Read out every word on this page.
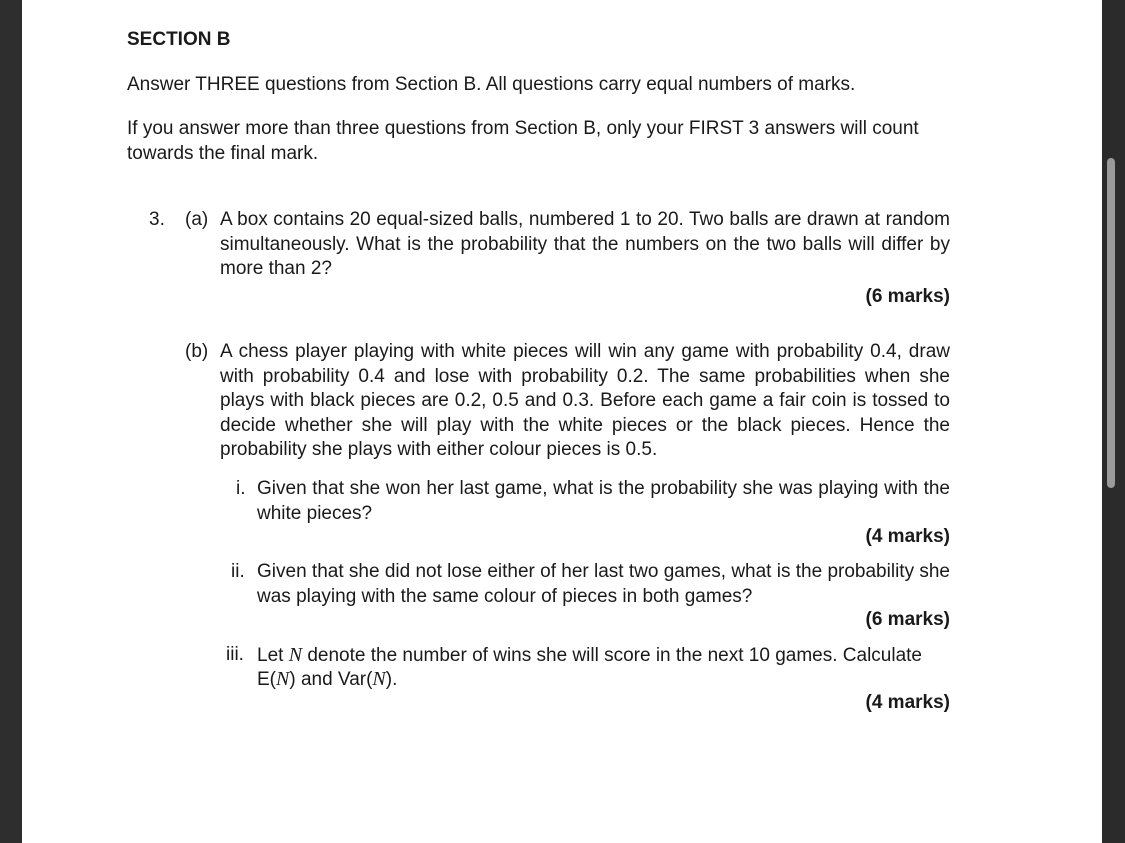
SECTION B
Answer THREE questions from Section B. All questions carry equal numbers of marks.
If you answer more than three questions from Section B, only your FIRST 3 answers will count
towards the final mark.
3. (a) A box contains 20 equal-sized balls, numbered 1 to 20. Two balls are drawn at random simultaneously. What is the probability that the numbers on the two balls will differ by more than 2?
(6 marks)
(b) A chess player playing with white pieces will win any game with probability 0.4, draw with probability 0.4 and lose with probability 0.2. The same probabilities when she plays with black pieces are 0.2, 0.5 and 0.3. Before each game a fair coin is tossed to decide whether she will play with the white pieces or the black pieces. Hence the probability she plays with either colour pieces is 0.5.
i. Given that she won her last game, what is the probability she was playing with the white pieces?
(4 marks)
ii. Given that she did not lose either of her last two games, what is the probability she was playing with the same colour of pieces in both games?
(6 marks)
iii. Let N denote the number of wins she will score in the next 10 games. Calculate
E(N) and Var(N).
(4 marks)
